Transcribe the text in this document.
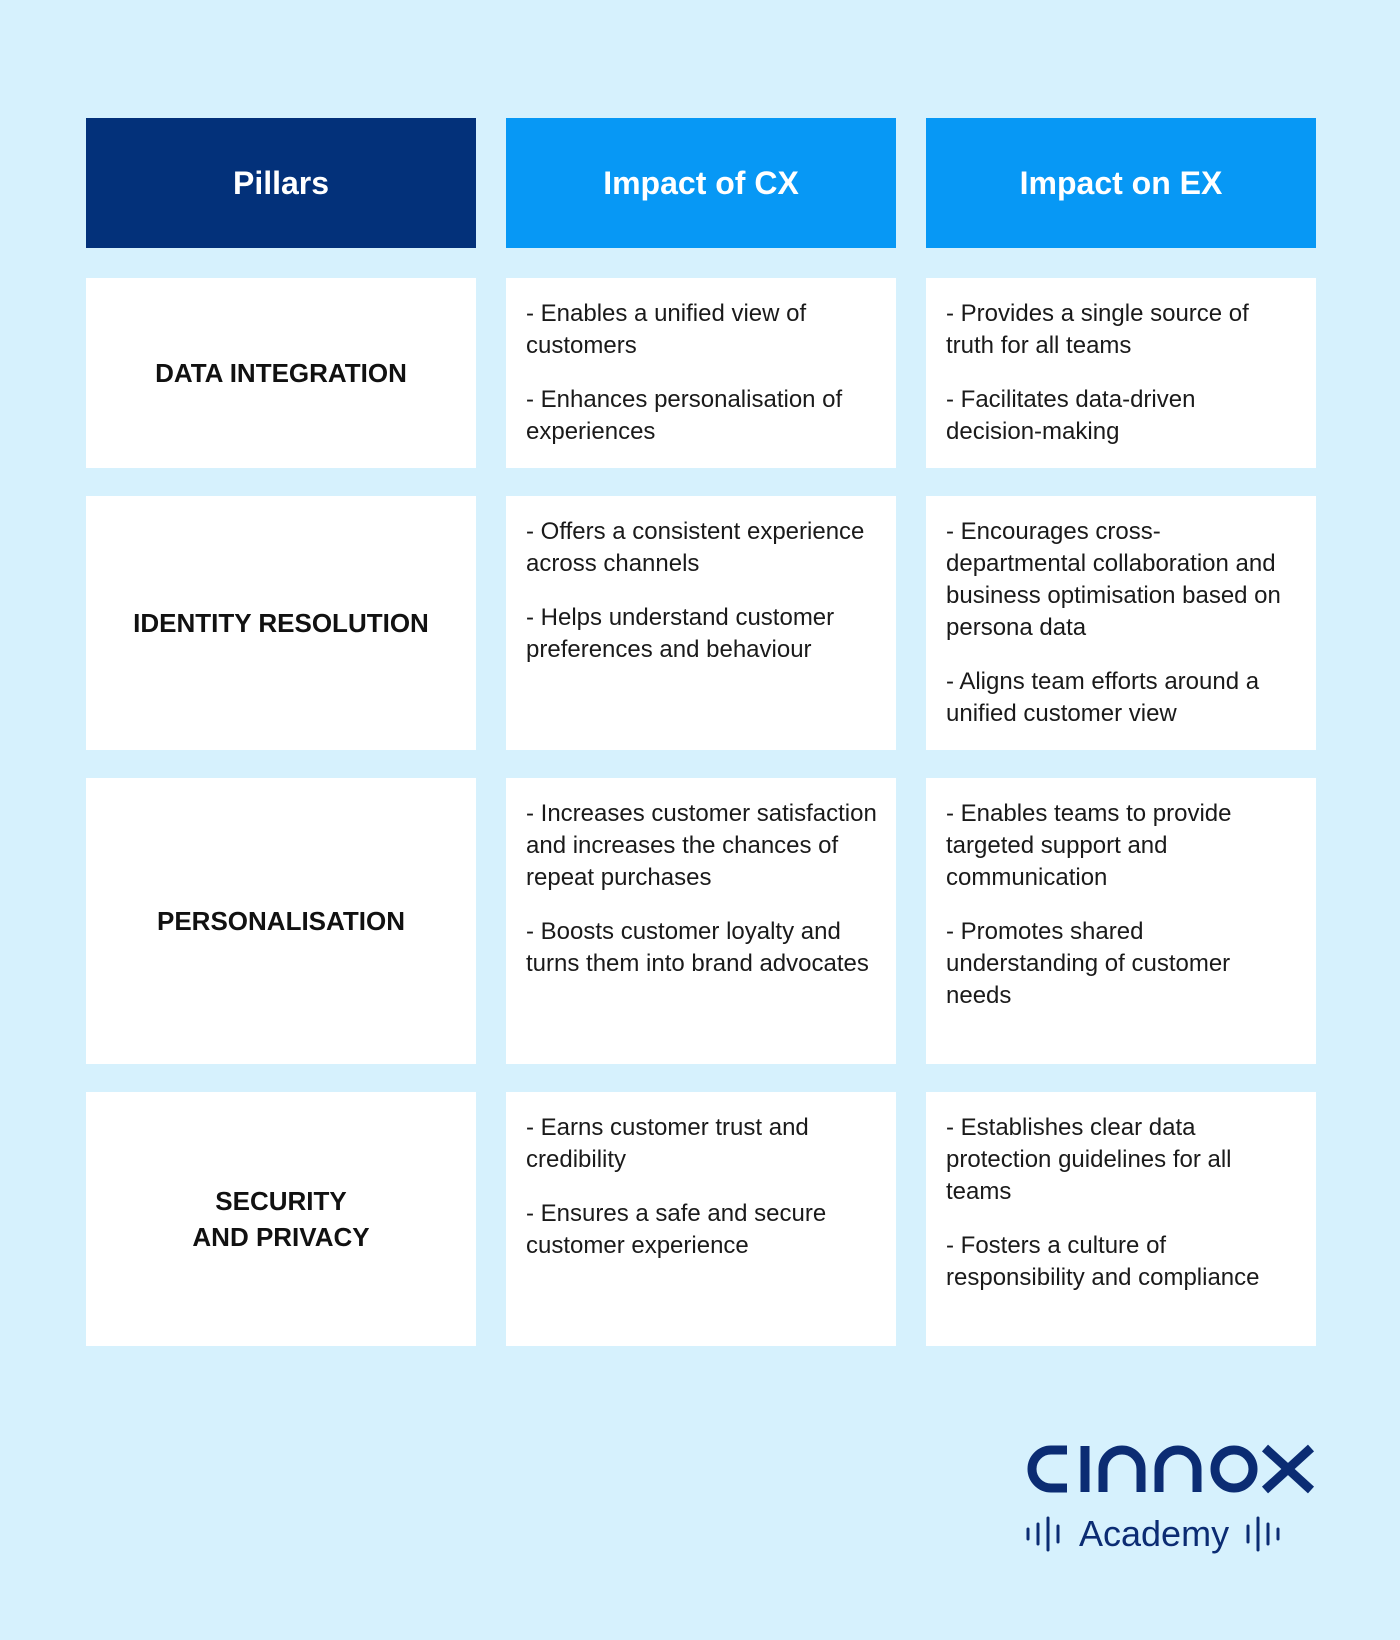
Pillars	Impact of CX	Impact on EX
DATA INTEGRATION

- Enables a unified view of customers

- Enhances personalisation of experiences

- Provides a single source of truth for all teams

- Facilitates data-driven decision-making

IDENTITY RESOLUTION

- Offers a consistent experience across channels

- Helps understand customer preferences and behaviour

- Encourages cross-departmental collaboration and business optimisation based on persona data

- Aligns team efforts around a unified customer view

PERSONALISATION

- Increases customer satisfaction and increases the chances of repeat purchases

- Boosts customer loyalty and turns them into brand advocates

- Enables teams to provide targeted support and communication

- Promotes shared understanding of customer needs

SECURITY
AND PRIVACY

- Earns customer trust and credibility

- Ensures a safe and secure customer experience

- Establishes clear data protection guidelines for all teams

- Fosters a culture of responsibility and compliance

Academy
